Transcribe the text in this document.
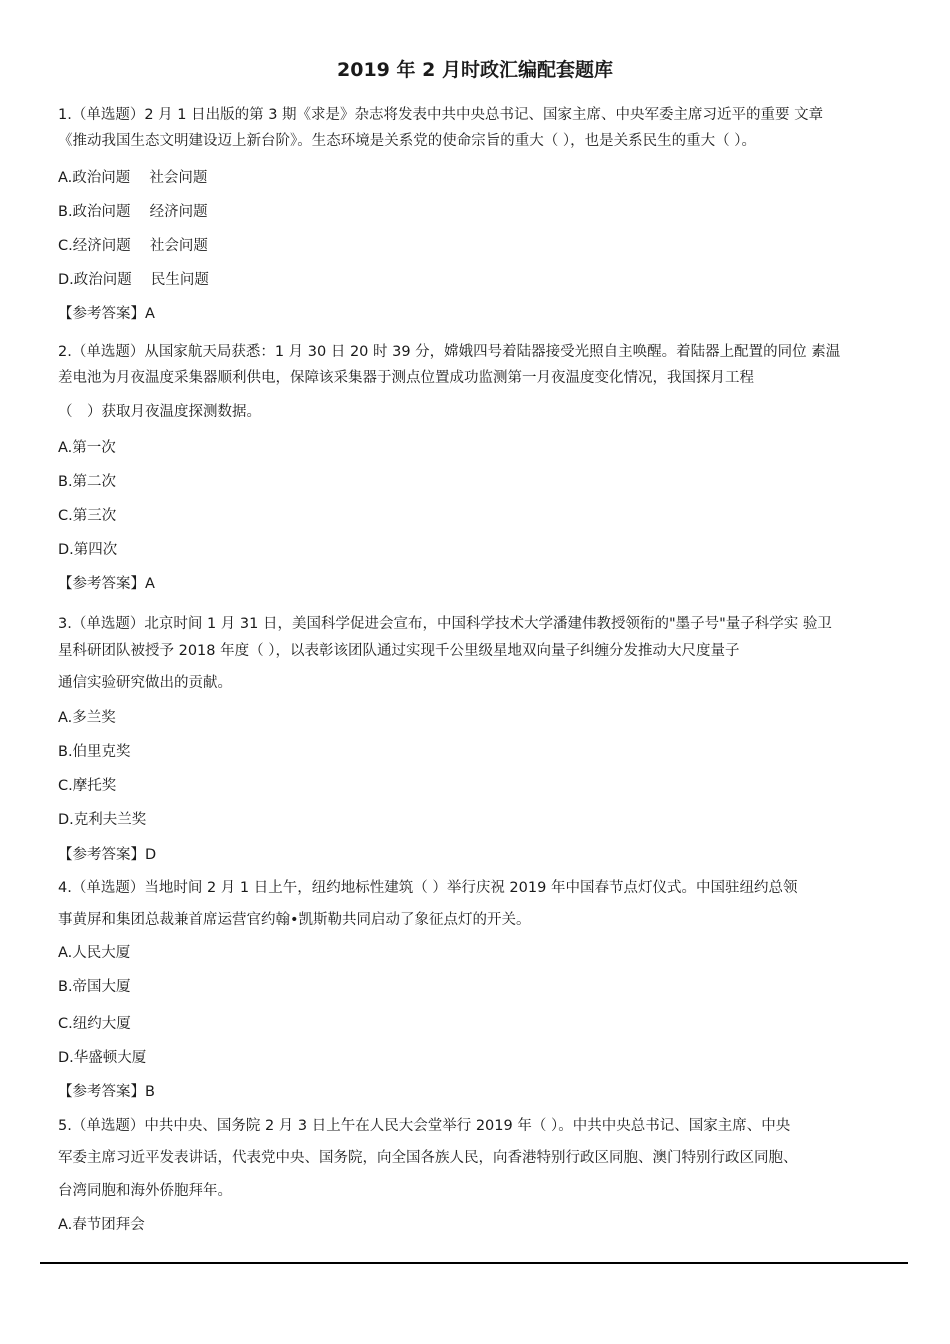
2019 年 2 月时政汇编配套题库
1.（单选题）2 月 1 日出版的第 3 期《求是》杂志将发表中共中央总书记、国家主席、中央军委主席习近平的重要 文章
《推动我国生态文明建设迈上新台阶》。生态环境是关系党的使命宗旨的重大（ ），也是关系民生的重大（ ）。
A.政治问题　 社会问题
B.政治问题　 经济问题
C.经济问题　 社会问题
D.政治问题　 民生问题
【参考答案】A
2.（单选题）从国家航天局获悉：1 月 30 日 20 时 39 分，嫦娥四号着陆器接受光照自主唤醒。着陆器上配置的同位 素温
差电池为月夜温度采集器顺利供电，保障该采集器于测点位置成功监测第一月夜温度变化情况，我国探月工程
（　）获取月夜温度探测数据。
A.第一次
B.第二次
C.第三次
D.第四次
【参考答案】A
3.（单选题）北京时间 1 月 31 日，美国科学促进会宣布，中国科学技术大学潘建伟教授领衔的"墨子号"量子科学实 验卫
星科研团队被授予 2018 年度（ ），以表彰该团队通过实现千公里级星地双向量子纠缠分发推动大尺度量子
通信实验研究做出的贡献。
A.多兰奖
B.伯里克奖
C.摩托奖
D.克利夫兰奖
【参考答案】D
4.（单选题）当地时间 2 月 1 日上午，纽约地标性建筑（ ）举行庆祝 2019 年中国春节点灯仪式。中国驻纽约总领
事黄屏和集团总裁兼首席运营官约翰•凯斯勒共同启动了象征点灯的开关。
A.人民大厦
B.帝国大厦
C.纽约大厦
D.华盛顿大厦
【参考答案】B
5.（单选题）中共中央、国务院 2 月 3 日上午在人民大会堂举行 2019 年（ ）。中共中央总书记、国家主席、中央
军委主席习近平发表讲话，代表党中央、国务院，向全国各族人民，向香港特别行政区同胞、澳门特别行政区同胞、
台湾同胞和海外侨胞拜年。
A.春节团拜会
